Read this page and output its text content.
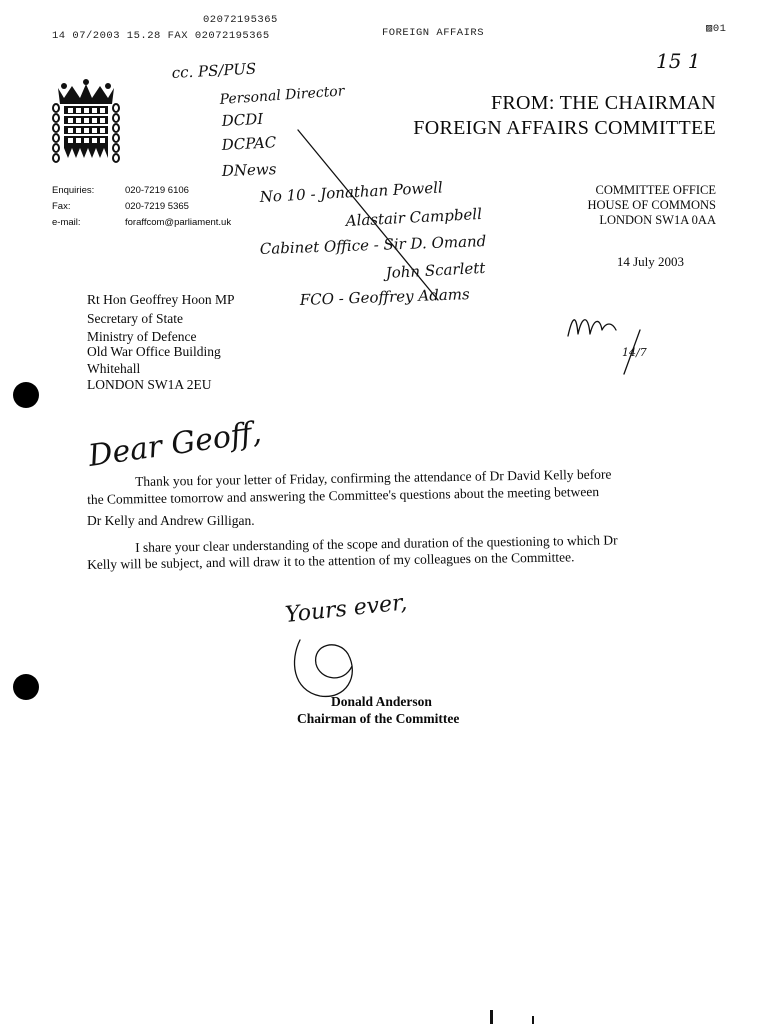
02072195365
14 07/2003 15.28 FAX 02072195365	FOREIGN AFFAIRS	▨01
FROM: THE CHAIRMAN
FOREIGN AFFAIRS COMMITTEE
Enquiries:	020-7219 6106
Fax:	020-7219 5365
e-mail:	foraffcom@parliament.uk
COMMITTEE OFFICE
HOUSE OF COMMONS
LONDON SW1A 0AA
14 July 2003
Rt Hon Geoffrey Hoon MP
Secretary of State
Ministry of Defence
Old War Office Building
Whitehall
LONDON SW1A 2EU
Thank you for your letter of Friday, confirming the attendance of Dr David Kelly before
the Committee tomorrow and answering the Committee's questions about the meeting between
Dr Kelly and Andrew Gilligan.
I share your clear understanding of the scope and duration of the questioning to which Dr
Kelly will be subject, and will draw it to the attention of my colleagues on the Committee.
Donald Anderson
Chairman of the Committee
cc. PS/PUS
Personal Director
DCDI
DCPAC
DNews
No 10 - Jonathan Powell
Alastair Campbell
Cabinet Office - Sir D. Omand
John Scarlett
FCO - Geoffrey Adams
15 1
14/7
Dear Geoff,
Yours ever,
